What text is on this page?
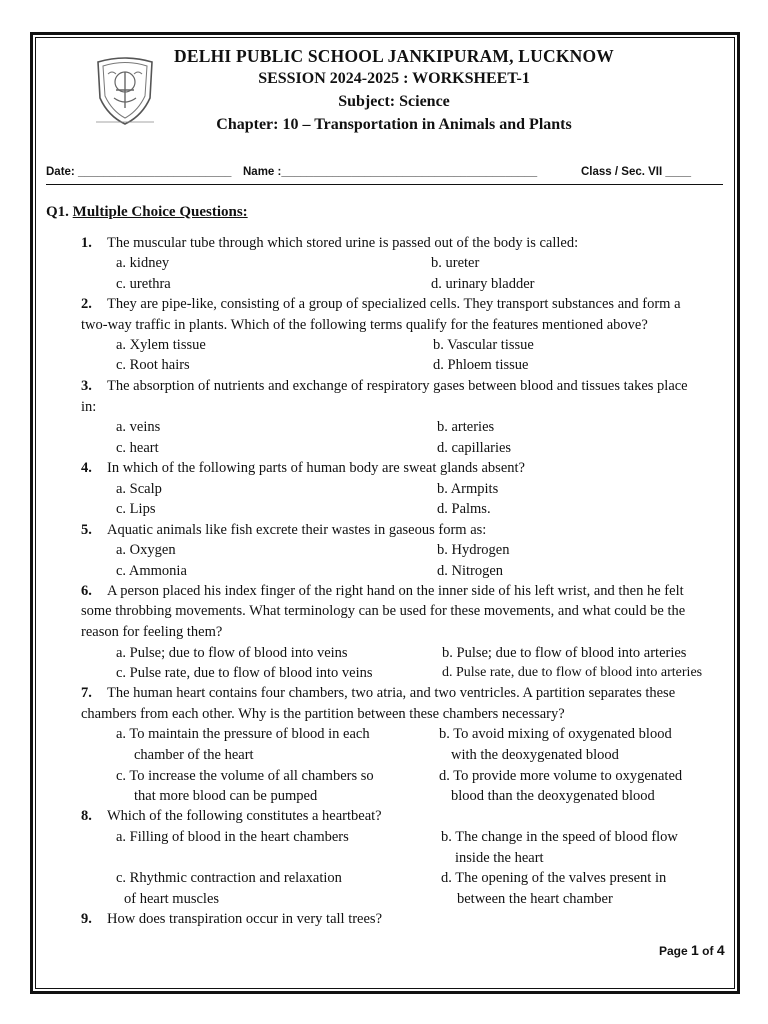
DELHI PUBLIC SCHOOL JANKIPURAM, LUCKNOW
SESSION 2024-2025 : WORKSHEET-1
Subject: Science
Chapter: 10 – Transportation in Animals and Plants
Date: ________________________ Name :________________________________________	Class / Sec. VII ____
Q1. Multiple Choice Questions:
1. The muscular tube through which stored urine is passed out of the body is called:
a. kidney	b. ureter
c. urethra	d. urinary bladder
2. They are pipe-like, consisting of a group of specialized cells. They transport substances and form a
two-way traffic in plants. Which of the following terms qualify for the features mentioned above?
a. Xylem tissue	b. Vascular tissue
c. Root hairs	d. Phloem tissue
3. The absorption of nutrients and exchange of respiratory gases between blood and tissues takes place
in:
a. veins	b. arteries
c. heart	d. capillaries
4. In which of the following parts of human body are sweat glands absent?
a. Scalp	b. Armpits
c. Lips	d. Palms.
5. Aquatic animals like fish excrete their wastes in gaseous form as:
a. Oxygen	b. Hydrogen
c. Ammonia	d. Nitrogen
6. A person placed his index finger of the right hand on the inner side of his left wrist, and then he felt
some throbbing movements. What terminology can be used for these movements, and what could be the
reason for feeling them?
a. Pulse; due to flow of blood into veins	b. Pulse; due to flow of blood into arteries
c. Pulse rate, due to flow of blood into veins	d. Pulse rate, due to flow of blood into arteries
7. The human heart contains four chambers, two atria, and two ventricles. A partition separates these
chambers from each other. Why is the partition between these chambers necessary?
a. To maintain the pressure of blood in each
chamber of the heart
b. To avoid mixing of oxygenated blood
with the deoxygenated blood
c. To increase the volume of all chambers so
that more blood can be pumped
d. To provide more volume to oxygenated
blood than the deoxygenated blood
8. Which of the following constitutes a heartbeat?
a. Filling of blood in the heart chambers	b. The change in the speed of blood flow
inside the heart
c. Rhythmic contraction and relaxation
of heart muscles
d. The opening of the valves present in
between the heart chamber
9. How does transpiration occur in very tall trees?
Page 1 of 4
